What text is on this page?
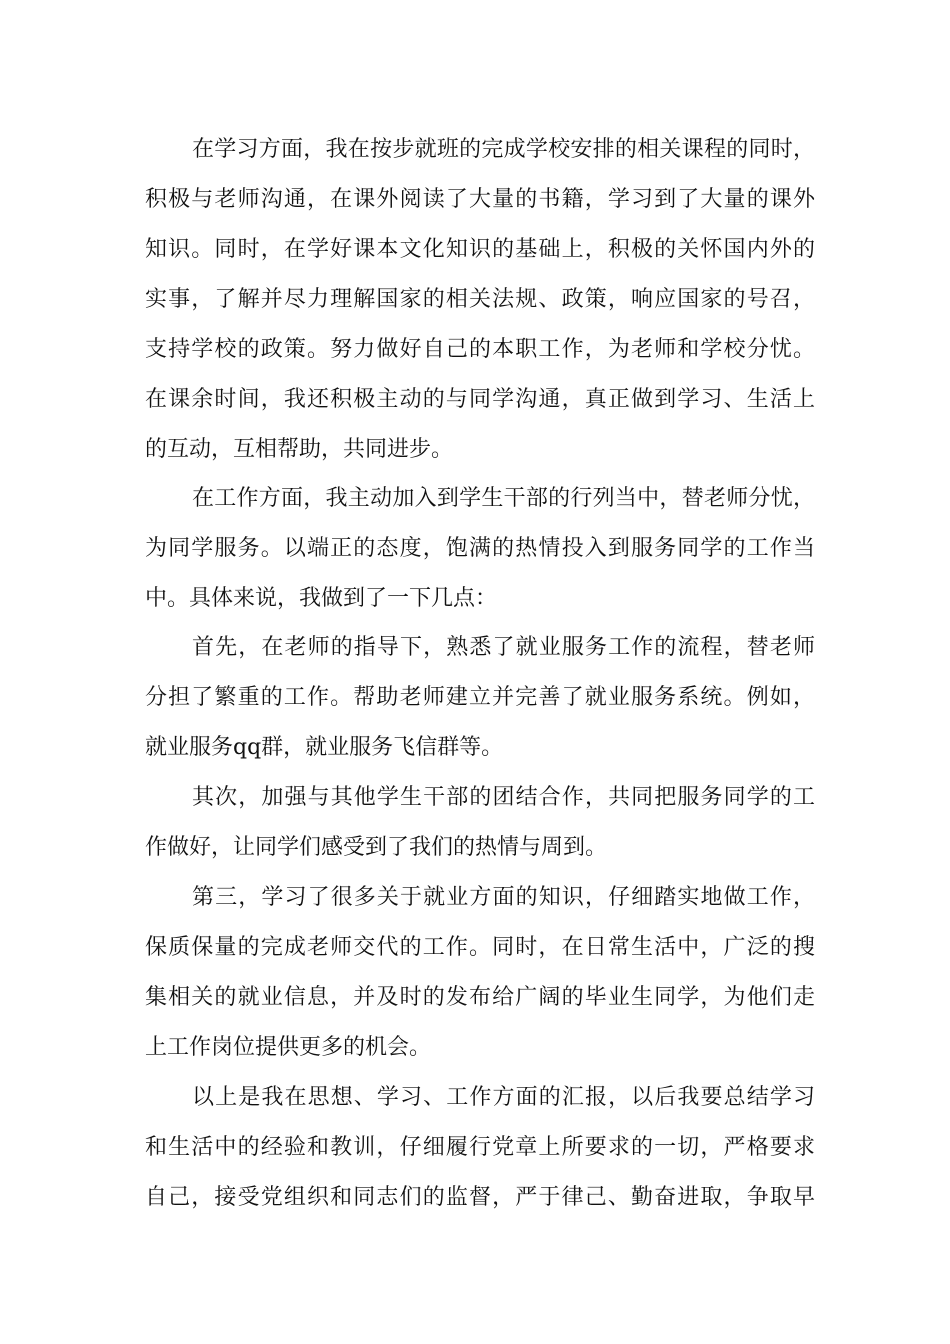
在学习方面，我在按步就班的完成学校安排的相关课程的同时，
积极与老师沟通，在课外阅读了大量的书籍，学习到了大量的课外
知识。同时，在学好课本文化知识的基础上，积极的关怀国内外的
实事，了解并尽力理解国家的相关法规、政策，响应国家的号召，
支持学校的政策。努力做好自己的本职工作，为老师和学校分忧。
在课余时间，我还积极主动的与同学沟通，真正做到学习、生活上
的互动，互相帮助，共同进步。
在工作方面，我主动加入到学生干部的行列当中，替老师分忧，
为同学服务。以端正的态度，饱满的热情投入到服务同学的工作当
中。具体来说，我做到了一下几点：
首先，在老师的指导下，熟悉了就业服务工作的流程，替老师
分担了繁重的工作。帮助老师建立并完善了就业服务系统。例如，
就业服务qq群，就业服务飞信群等。
其次，加强与其他学生干部的团结合作，共同把服务同学的工
作做好，让同学们感受到了我们的热情与周到。
第三，学习了很多关于就业方面的知识，仔细踏实地做工作，
保质保量的完成老师交代的工作。同时，在日常生活中，广泛的搜
集相关的就业信息，并及时的发布给广阔的毕业生同学，为他们走
上工作岗位提供更多的机会。
以上是我在思想、学习、工作方面的汇报，以后我要总结学习
和生活中的经验和教训，仔细履行党章上所要求的一切，严格要求
自己，接受党组织和同志们的监督，严于律己、勤奋进取，争取早
